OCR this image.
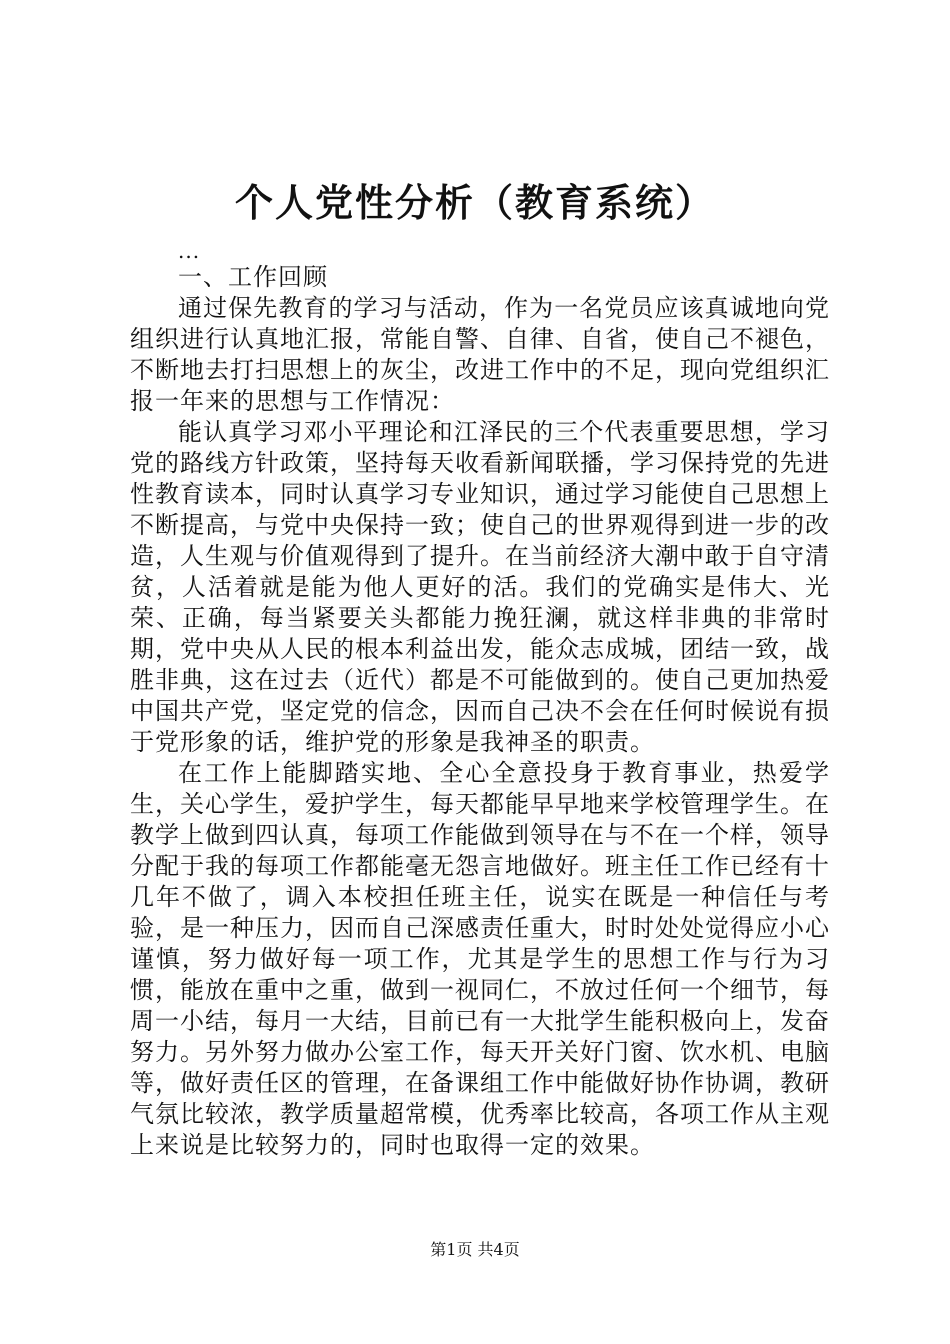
个人党性分析（教育系统）

...

一、工作回顾

通过保先教育的学习与活动，作为一名党员应该真诚地向党组织进行认真地汇报，常能自警、自律、自省，使自己不褪色，不断地去打扫思想上的灰尘，改进工作中的不足，现向党组织汇报一年来的思想与工作情况：

能认真学习邓小平理论和江泽民的三个代表重要思想，学习党的路线方针政策，坚持每天收看新闻联播，学习保持党的先进性教育读本，同时认真学习专业知识，通过学习能使自己思想上不断提高，与党中央保持一致；使自己的世界观得到进一步的改造，人生观与价值观得到了提升。在当前经济大潮中敢于自守清贫，人活着就是能为他人更好的活。我们的党确实是伟大、光荣、正确，每当紧要关头都能力挽狂澜，就这样非典的非常时期，党中央从人民的根本利益出发，能众志成城，团结一致，战胜非典，这在过去（近代）都是不可能做到的。使自己更加热爱中国共产党，坚定党的信念，因而自己决不会在任何时候说有损于党形象的话，维护党的形象是我神圣的职责。

在工作上能脚踏实地、全心全意投身于教育事业，热爱学生，关心学生，爱护学生，每天都能早早地来学校管理学生。在教学上做到四认真，每项工作能做到领导在与不在一个样，领导分配于我的每项工作都能毫无怨言地做好。班主任工作已经有十几年不做了，调入本校担任班主任，说实在既是一种信任与考验，是一种压力，因而自己深感责任重大，时时处处觉得应小心谨慎，努力做好每一项工作，尤其是学生的思想工作与行为习惯，能放在重中之重，做到一视同仁，不放过任何一个细节，每周一小结，每月一大结，目前已有一大批学生能积极向上，发奋努力。另外努力做办公室工作，每天开关好门窗、饮水机、电脑等，做好责任区的管理，在备课组工作中能做好协作协调，教研气氛比较浓，教学质量超常模，优秀率比较高，各项工作从主观上来说是比较努力的，同时也取得一定的效果。

第1页 共4页
